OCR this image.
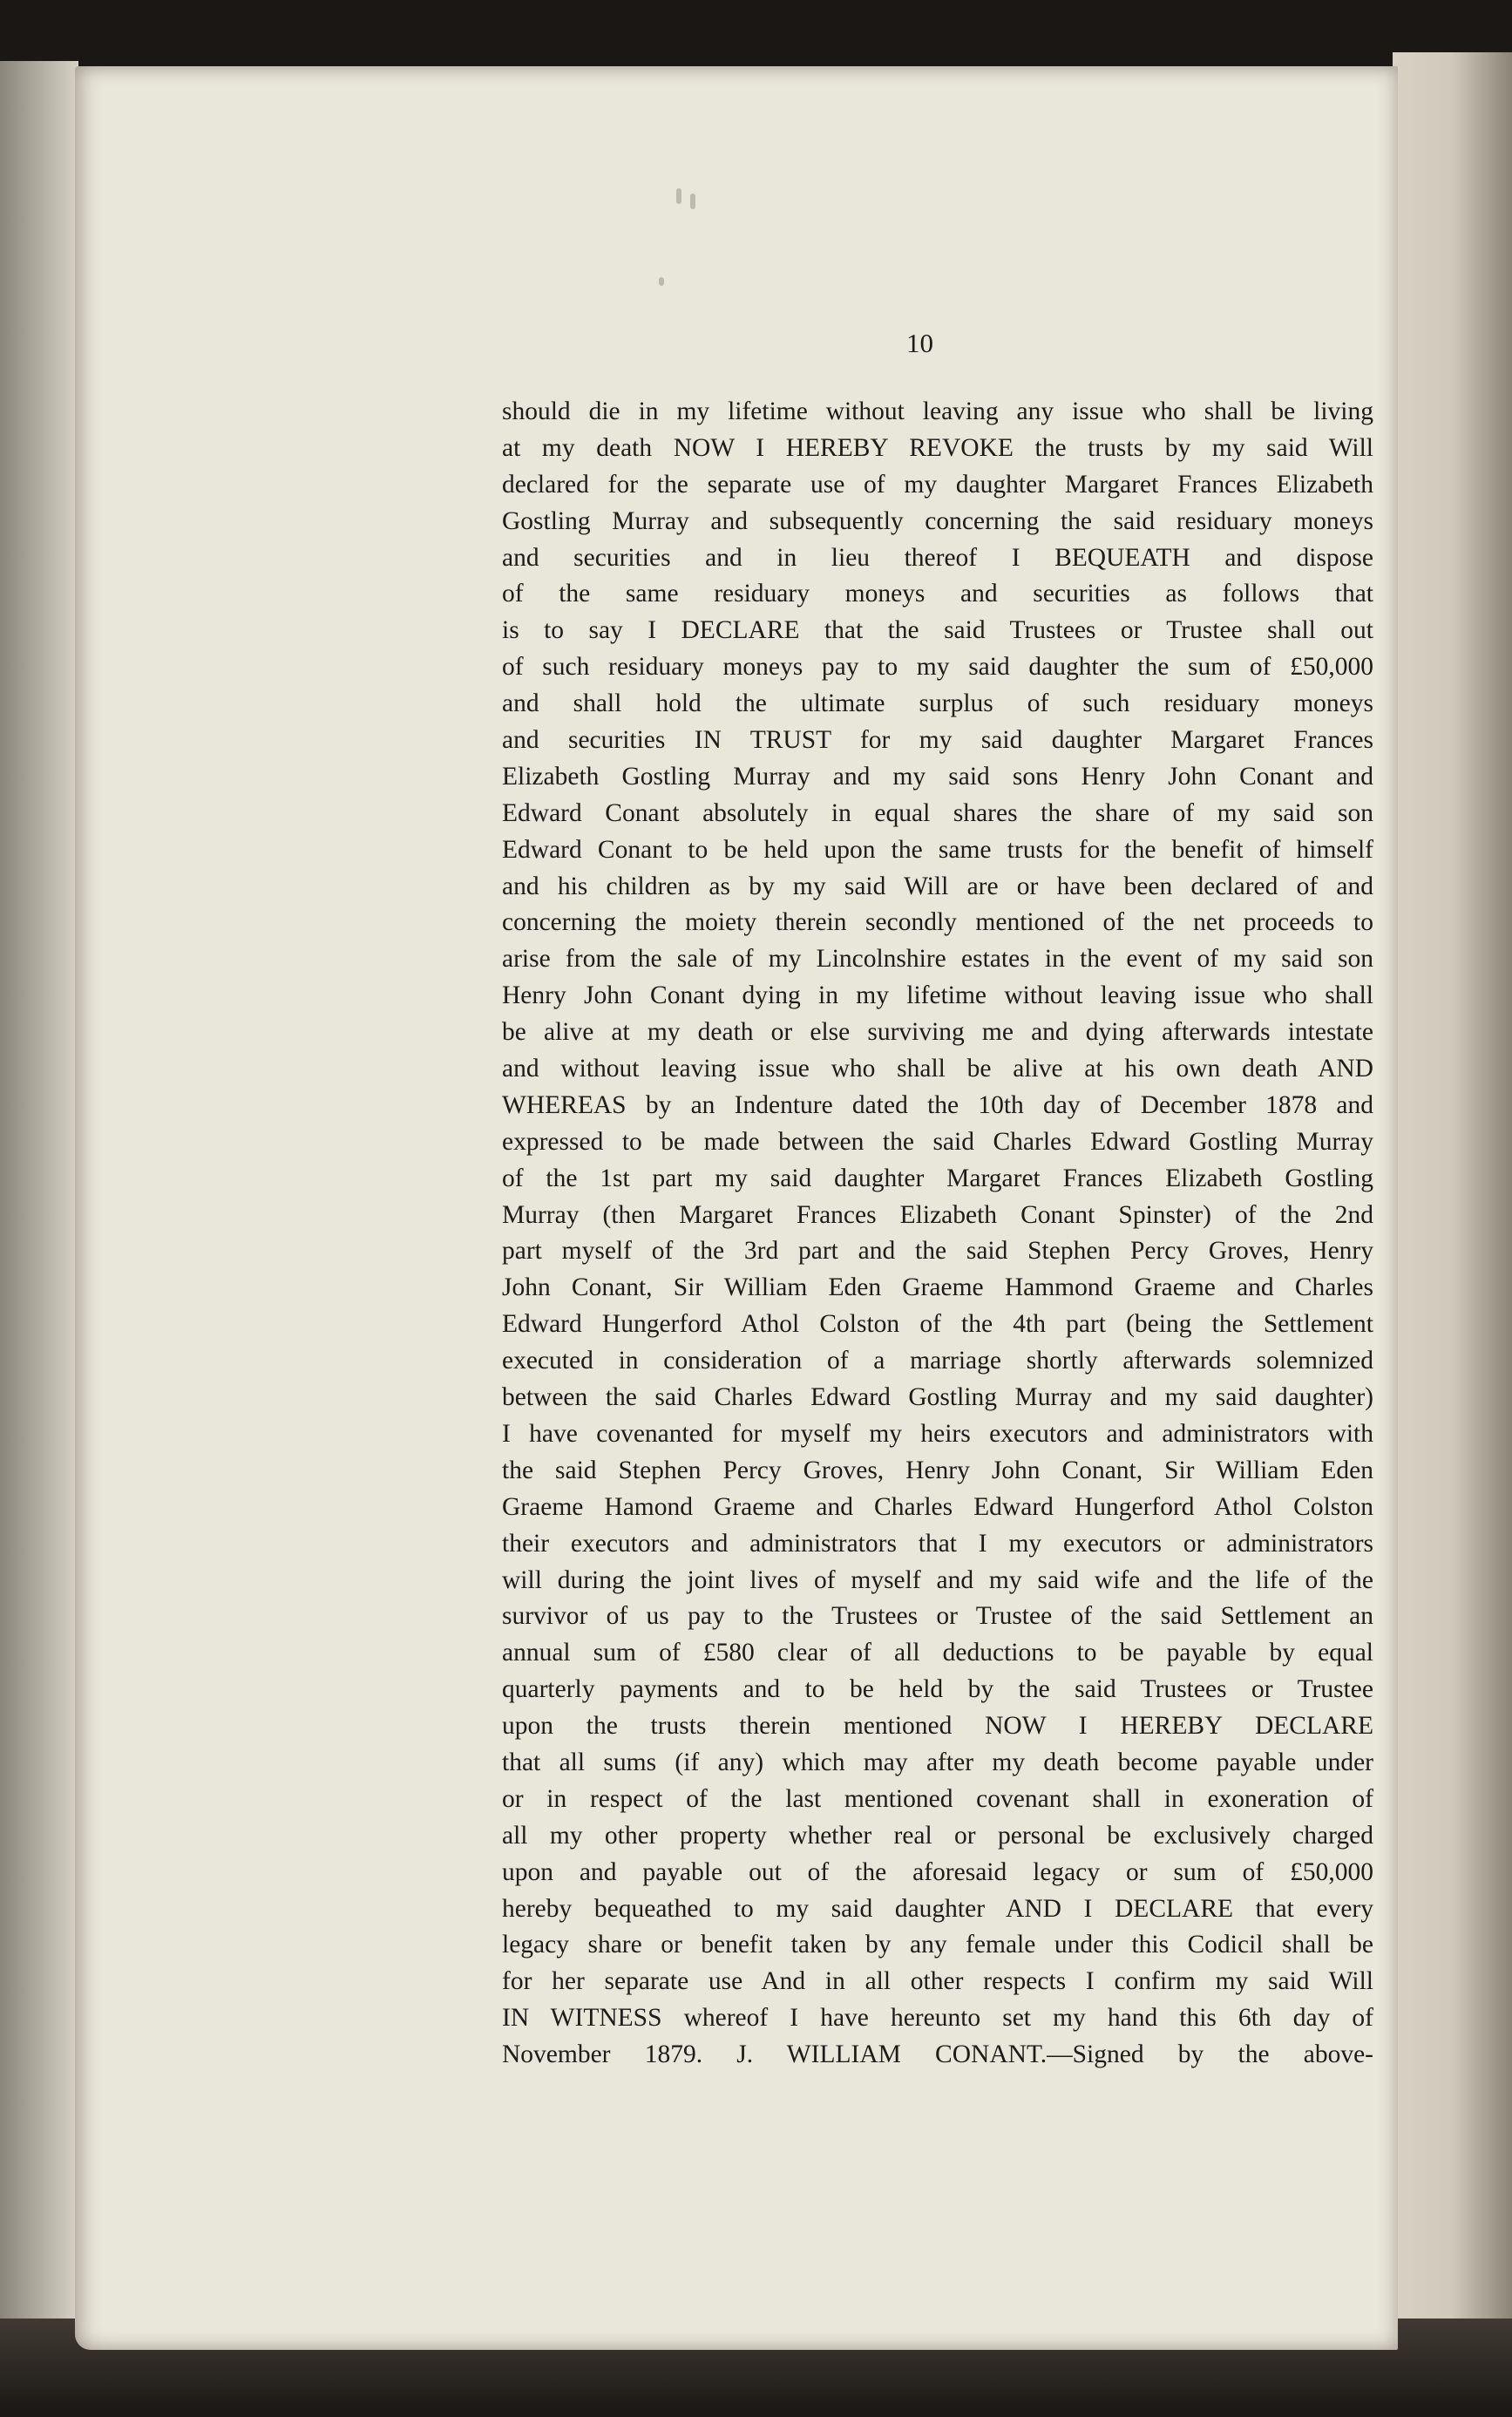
10
should die in my lifetime without leaving any issue who shall be living
at my death NOW I HEREBY REVOKE the trusts by my said Will
declared for the separate use of my daughter Margaret Frances Elizabeth
Gostling Murray and subsequently concerning the said residuary moneys
and securities and in lieu thereof I BEQUEATH and dispose
of the same residuary moneys and securities as follows that
is to say I DECLARE that the said Trustees or Trustee shall out
of such residuary moneys pay to my said daughter the sum of £50,000
and shall hold the ultimate surplus of such residuary moneys
and securities IN TRUST for my said daughter Margaret Frances
Elizabeth Gostling Murray and my said sons Henry John Conant and
Edward Conant absolutely in equal shares the share of my said son
Edward Conant to be held upon the same trusts for the benefit of himself
and his children as by my said Will are or have been declared of and
concerning the moiety therein secondly mentioned of the net proceeds to
arise from the sale of my Lincolnshire estates in the event of my said son
Henry John Conant dying in my lifetime without leaving issue who shall
be alive at my death or else surviving me and dying afterwards intestate
and without leaving issue who shall be alive at his own death AND
WHEREAS by an Indenture dated the 10th day of December 1878 and
expressed to be made between the said Charles Edward Gostling Murray
of the 1st part my said daughter Margaret Frances Elizabeth Gostling
Murray (then Margaret Frances Elizabeth Conant Spinster) of the 2nd
part myself of the 3rd part and the said Stephen Percy Groves, Henry
John Conant, Sir William Eden Graeme Hammond Graeme and Charles
Edward Hungerford Athol Colston of the 4th part (being the Settlement
executed in consideration of a marriage shortly afterwards solemnized
between the said Charles Edward Gostling Murray and my said daughter)
I have covenanted for myself my heirs executors and administrators with
the said Stephen Percy Groves, Henry John Conant, Sir William Eden
Graeme Hamond Graeme and Charles Edward Hungerford Athol Colston
their executors and administrators that I my executors or administrators
will during the joint lives of myself and my said wife and the life of the
survivor of us pay to the Trustees or Trustee of the said Settlement an
annual sum of £580 clear of all deductions to be payable by equal
quarterly payments and to be held by the said Trustees or Trustee
upon the trusts therein mentioned NOW I HEREBY DECLARE
that all sums (if any) which may after my death become payable under
or in respect of the last mentioned covenant shall in exoneration of
all my other property whether real or personal be exclusively charged
upon and payable out of the aforesaid legacy or sum of £50,000
hereby bequeathed to my said daughter AND I DECLARE that every
legacy share or benefit taken by any female under this Codicil shall be
for her separate use And in all other respects I confirm my said Will
IN WITNESS whereof I have hereunto set my hand this 6th day of
November 1879. J. WILLIAM CONANT.—Signed by the above-
